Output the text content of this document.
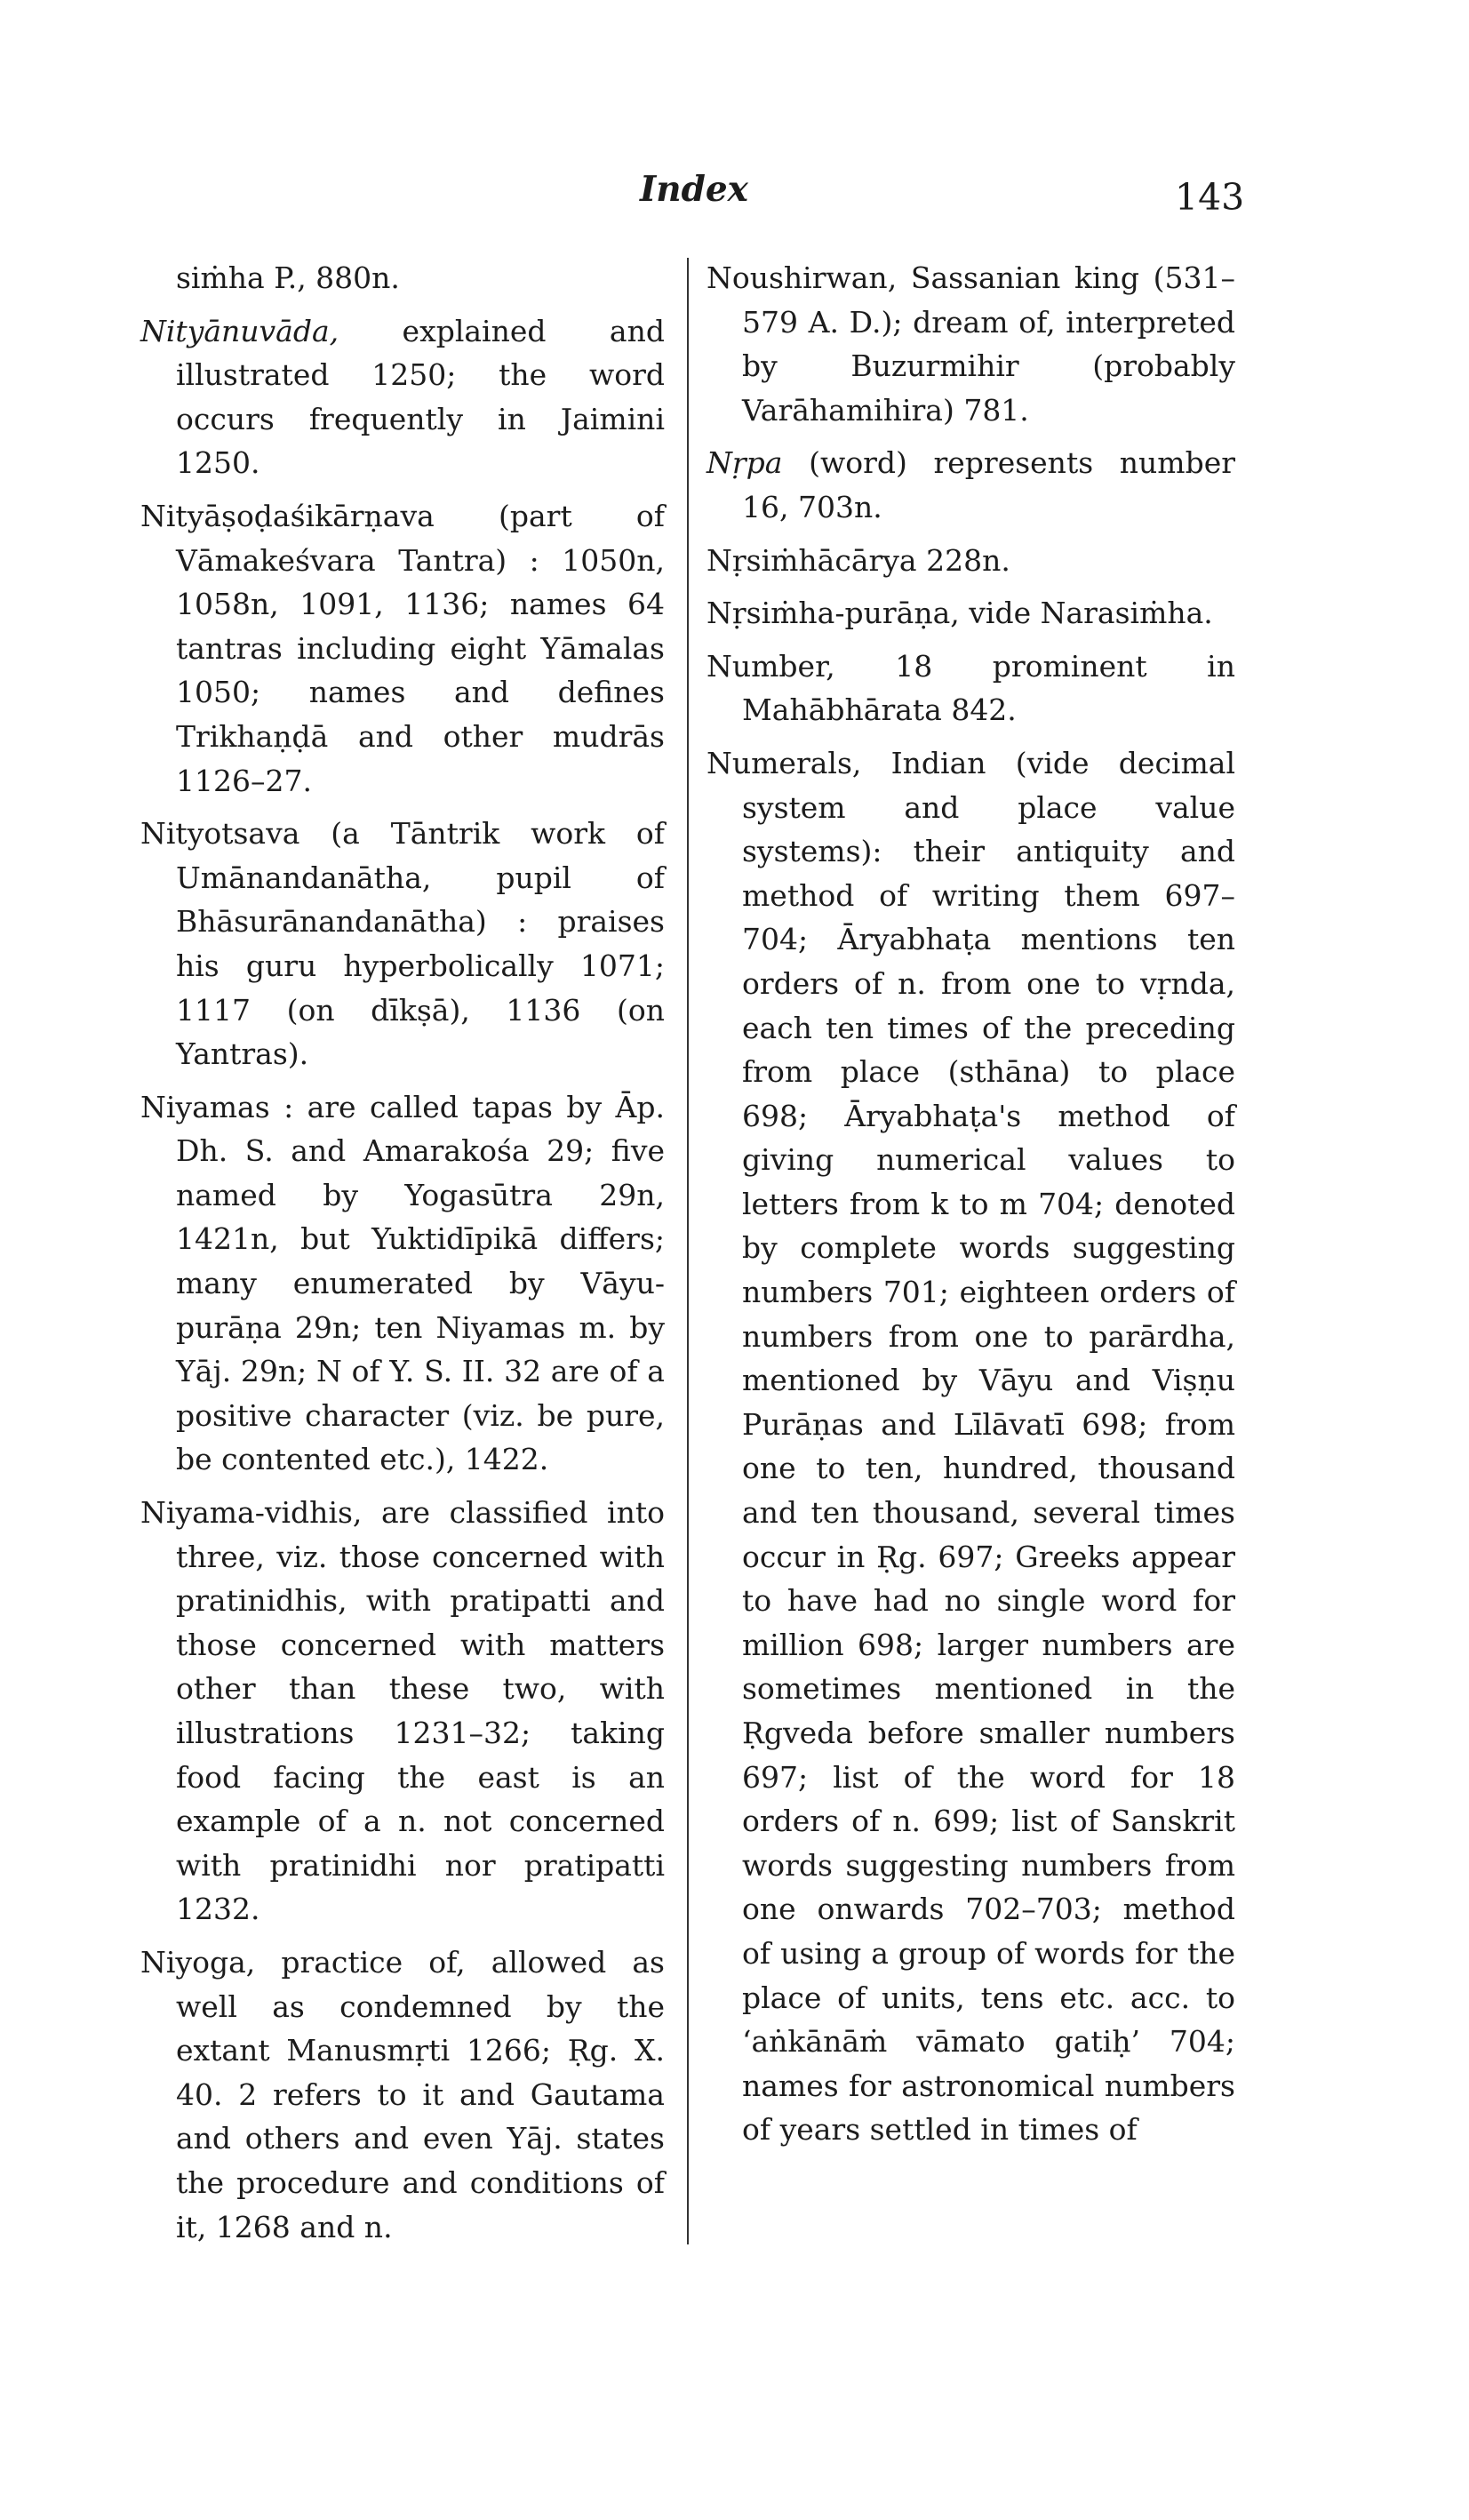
Index	143

siṁha P., 880n.

Nityānuvāda, explained and illustrated 1250; the word occurs frequently in Jaimini 1250.

Nityāṣoḍaśikārṇava (part of Vāmakeśvara Tantra) : 1050n, 1058n, 1091, 1136; names 64 tantras including eight Yāmalas 1050; names and defines Trikhaṇḍā and other mudrās 1126–27.

Nityotsava (a Tāntrik work of Umānandanātha, pupil of Bhāsurānandanātha) : praises his guru hyperbolically 1071; 1117 (on dīkṣā), 1136 (on Yantras).

Niyamas : are called tapas by Āp. Dh. S. and Amarakośa 29; five named by Yogasūtra 29n, 1421n, but Yuktidīpikā differs; many enumerated by Vāyu-purāṇa 29n; ten Niyamas m. by Yāj. 29n; N of Y. S. II. 32 are of a positive character (viz. be pure, be contented etc.), 1422.

Niyama-vidhis, are classified into three, viz. those concerned with pratinidhis, with pratipatti and those concerned with matters other than these two, with illustrations 1231–32; taking food facing the east is an example of a n. not concerned with pratinidhi nor pratipatti 1232.

Niyoga, practice of, allowed as well as condemned by the extant Manusmṛti 1266; Ṛg. X. 40. 2 refers to it and Gautama and others and even Yāj. states the procedure and conditions of it, 1268 and n.

Noushirwan, Sassanian king (531–579 A. D.); dream of, interpreted by Buzurmihir (probably Varāhamihira) 781.

Nṛpa (word) represents number 16, 703n.

Nṛsiṁhācārya 228n.

Nṛsiṁha-purāṇa, vide Narasiṁha.

Number, 18 prominent in Mahābhārata 842.

Numerals, Indian (vide decimal system and place value systems): their antiquity and method of writing them 697–704; Āryabhaṭa mentions ten orders of n. from one to vṛnda, each ten times of the preceding from place (sthāna) to place 698; Āryabhaṭa's method of giving numerical values to letters from k to m 704; denoted by complete words suggesting numbers 701; eighteen orders of numbers from one to parārdha, mentioned by Vāyu and Viṣṇu Purāṇas and Līlāvatī 698; from one to ten, hundred, thousand and ten thousand, several times occur in Ṛg. 697; Greeks appear to have had no single word for million 698; larger numbers are sometimes mentioned in the Ṛgveda before smaller numbers 697; list of the word for 18 orders of n. 699; list of Sanskrit words suggesting numbers from one onwards 702–703; method of using a group of words for the place of units, tens etc. acc. to ‘aṅkānāṁ vāmato gatiḥ’ 704; names for astronomical numbers of years settled in times of
